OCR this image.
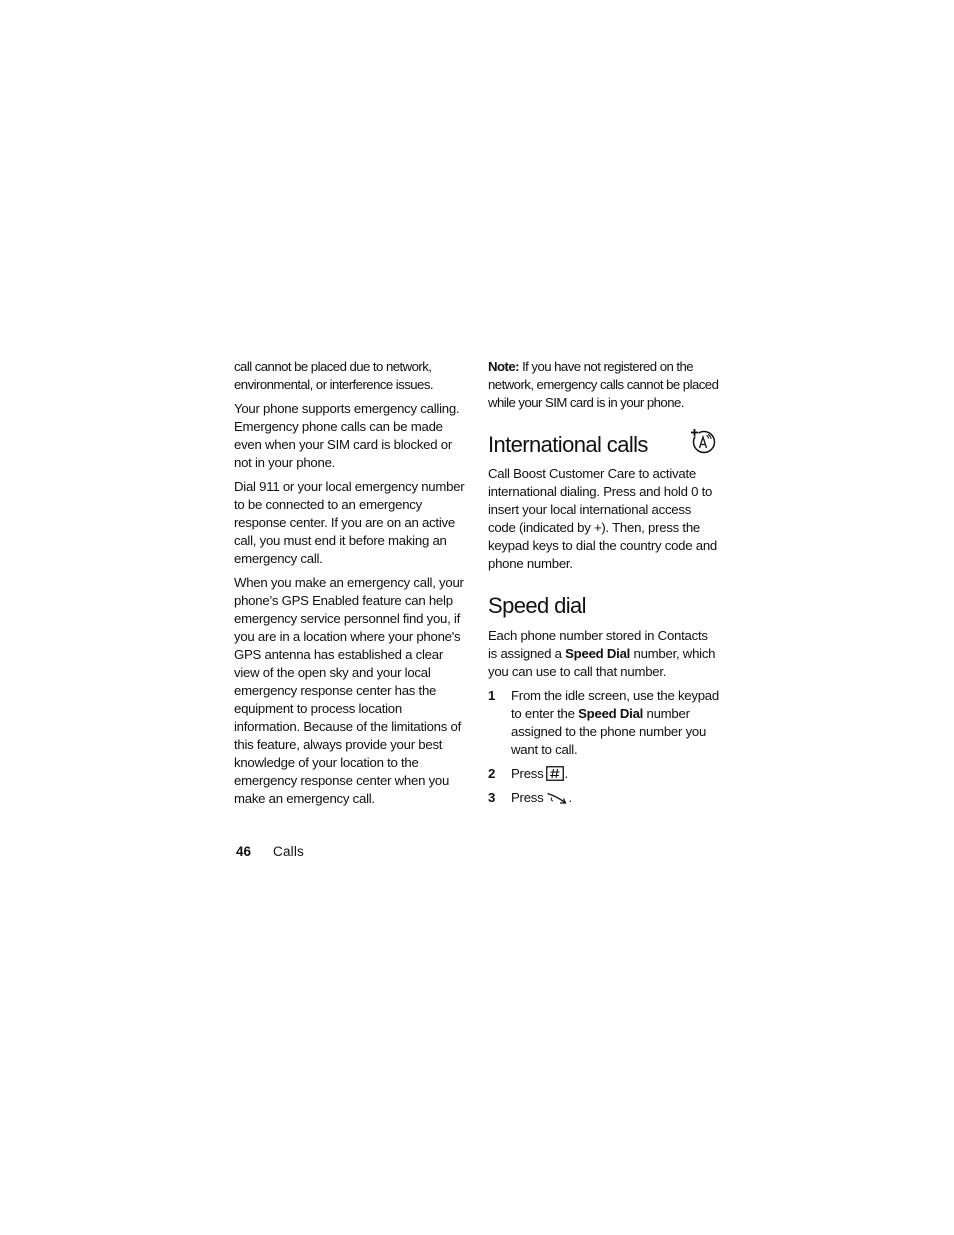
call cannot be placed due to network, environmental, or interference issues.

Your phone supports emergency calling. Emergency phone calls can be made even when your SIM card is blocked or not in your phone.

Dial 911 or your local emergency number to be connected to an emergency response center. If you are on an active call, you must end it before making an emergency call.

When you make an emergency call, your phone’s GPS Enabled feature can help emergency service personnel find you, if you are in a location where your phone's GPS antenna has established a clear view of the open sky and your local emergency response center has the equipment to process location information. Because of the limitations of this feature, always provide your best knowledge of your location to the emergency response center when you make an emergency call.

Note: If you have not registered on the network, emergency calls cannot be placed while your SIM card is in your phone.

International calls

Call Boost Customer Care to activate international dialing. Press and hold 0 to insert your local international access code (indicated by +). Then, press the keypad keys to dial the country code and phone number.

Speed dial

Each phone number stored in Contacts is assigned a Speed Dial number, which you can use to call that number.

1 From the idle screen, use the keypad to enter the Speed Dial number assigned to the phone number you want to call.
2 Press .
3 Press .
46 Calls
